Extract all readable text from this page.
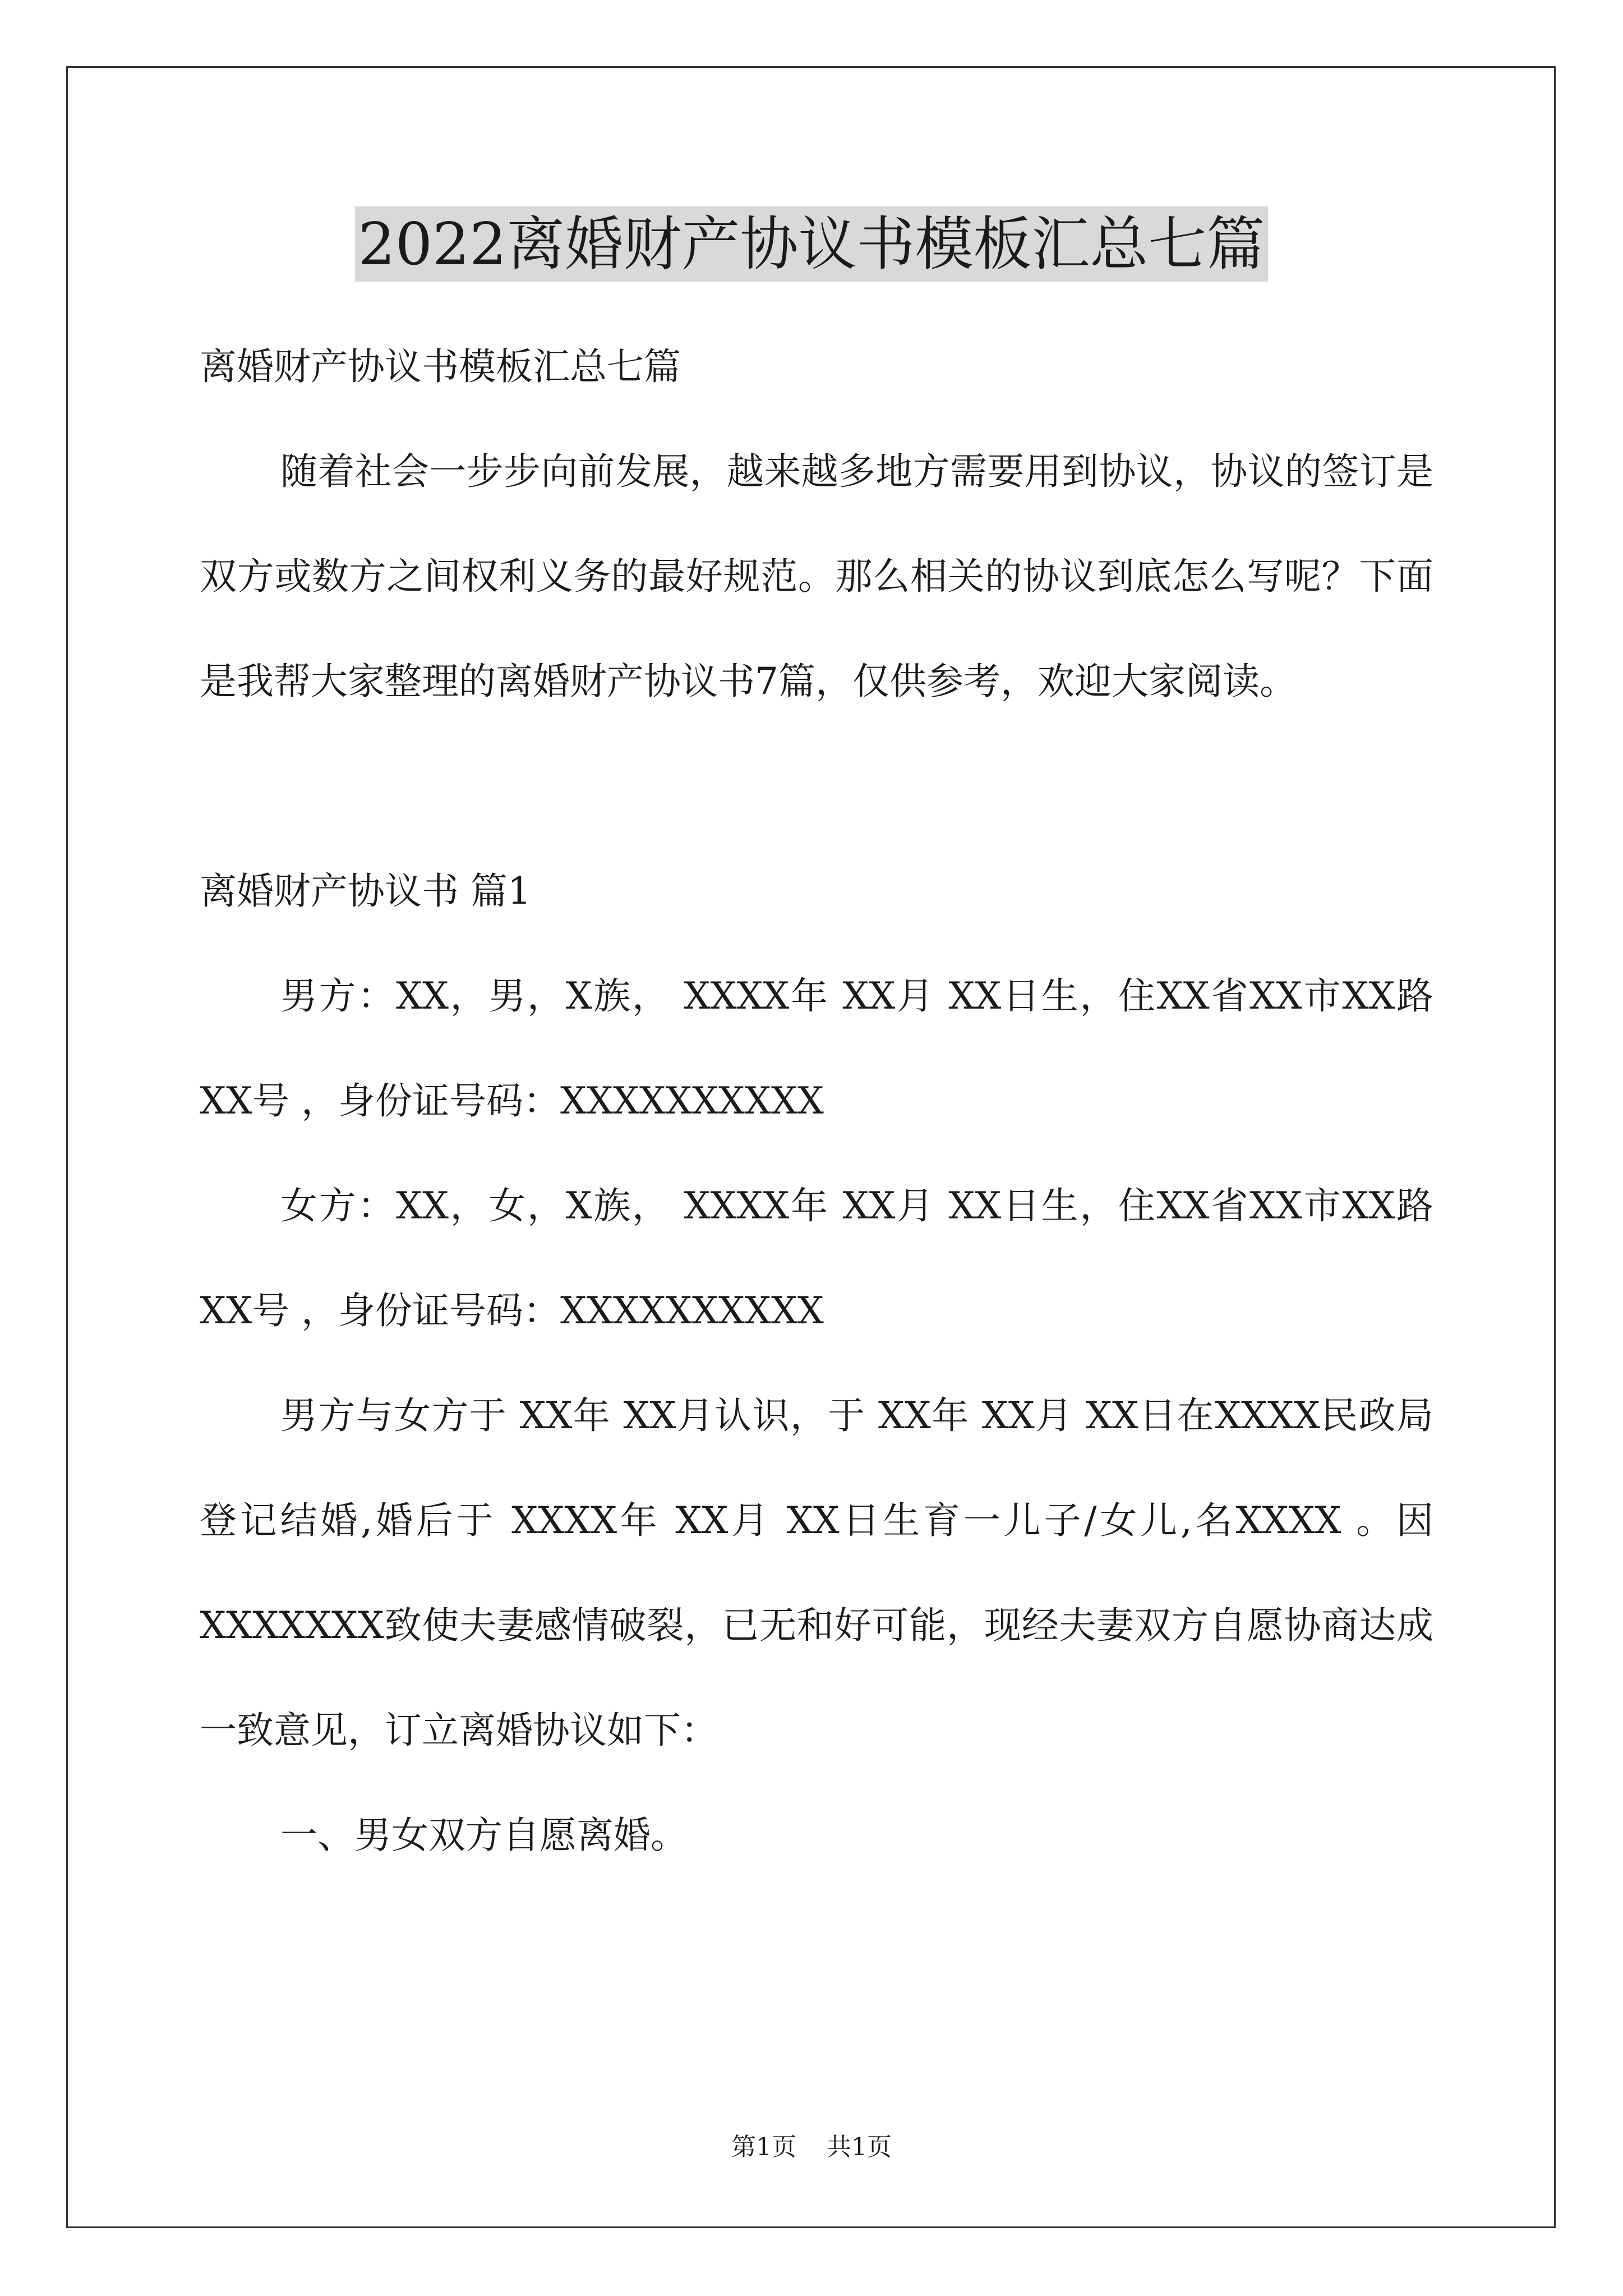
2022离婚财产协议书模板汇总七篇

离婚财产协议书模板汇总七篇

随着社会一步步向前发展，越来越多地方需要用到协议，协议的签订是双方或数方之间权利义务的最好规范。那么相关的协议到底怎么写呢？下面是我帮大家整理的离婚财产协议书7篇，仅供参考，欢迎大家阅读。

离婚财产协议书 篇1

男方：XX，男，X族， XXXX年 XX月 XX日生，住XX省XX市XX路XX号 ，身份证号码：XXXXXXXXXX

女方：XX，女，X族， XXXX年 XX月 XX日生，住XX省XX市XX路XX号 ，身份证号码：XXXXXXXXXX

男方与女方于 XX年 XX月认识，于 XX年 XX月 XX日在XXXX民政局登记结婚,婚后于 XXXX年 XX月 XX日生育一儿子/女儿,名XXXX 。因XXXXXXX致使夫妻感情破裂，已无和好可能，现经夫妻双方自愿协商达成一致意见，订立离婚协议如下：

一、男女双方自愿离婚。

第1页 共1页
